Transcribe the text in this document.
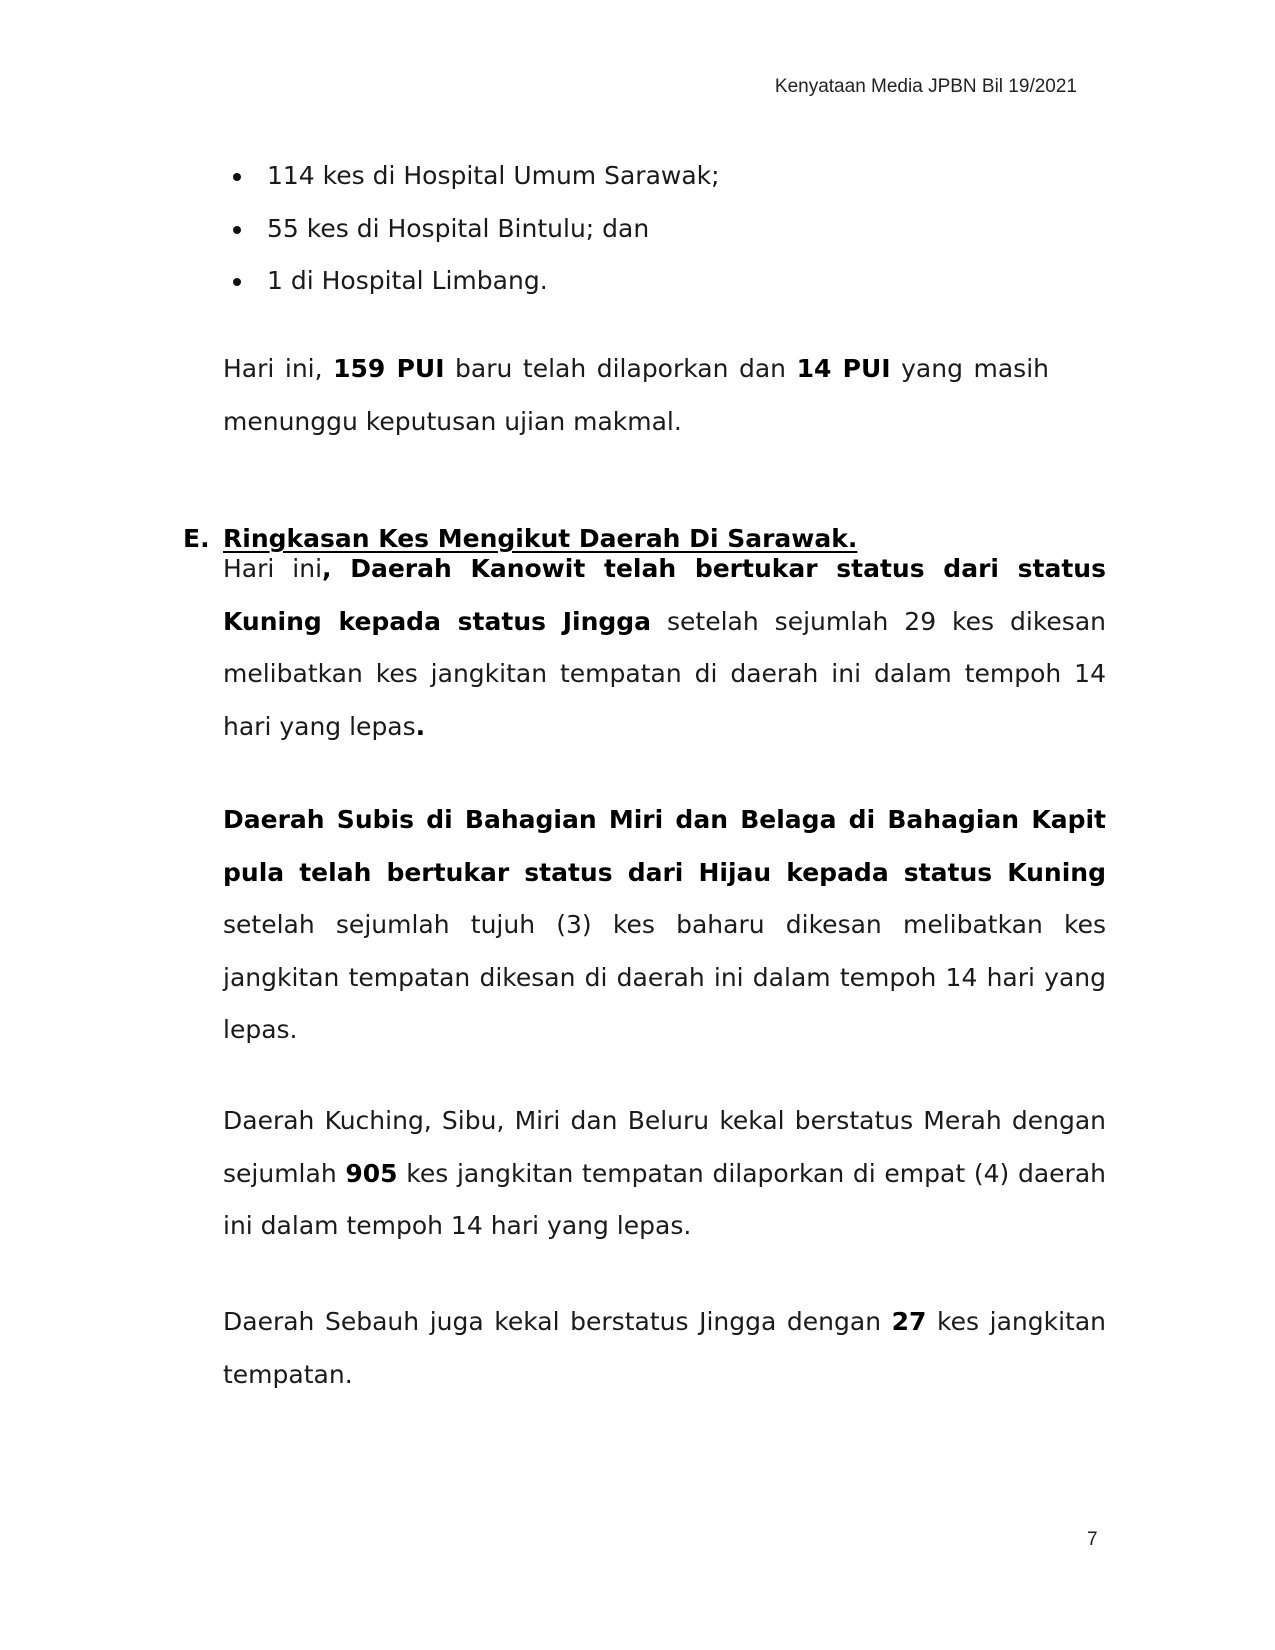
Kenyataan Media JPBN Bil 19/2021
114 kes di Hospital Umum Sarawak;
55 kes di Hospital Bintulu; dan
1 di Hospital Limbang.

Hari ini, 159 PUI baru telah dilaporkan dan 14 PUI yang masih menunggu keputusan ujian makmal.

E. Ringkasan Kes Mengikut Daerah Di Sarawak.

Hari ini, Daerah Kanowit telah bertukar status dari status Kuning kepada status Jingga setelah sejumlah 29 kes dikesan melibatkan kes jangkitan tempatan di daerah ini dalam tempoh 14 hari yang lepas.

Daerah Subis di Bahagian Miri dan Belaga di Bahagian Kapit pula telah bertukar status dari Hijau kepada status Kuning setelah sejumlah tujuh (3) kes baharu dikesan melibatkan kes jangkitan tempatan dikesan di daerah ini dalam tempoh 14 hari yang lepas.

Daerah Kuching, Sibu, Miri dan Beluru kekal berstatus Merah dengan sejumlah 905 kes jangkitan tempatan dilaporkan di empat (4) daerah ini dalam tempoh 14 hari yang lepas.

Daerah Sebauh juga kekal berstatus Jingga dengan 27 kes jangkitan tempatan.

7
